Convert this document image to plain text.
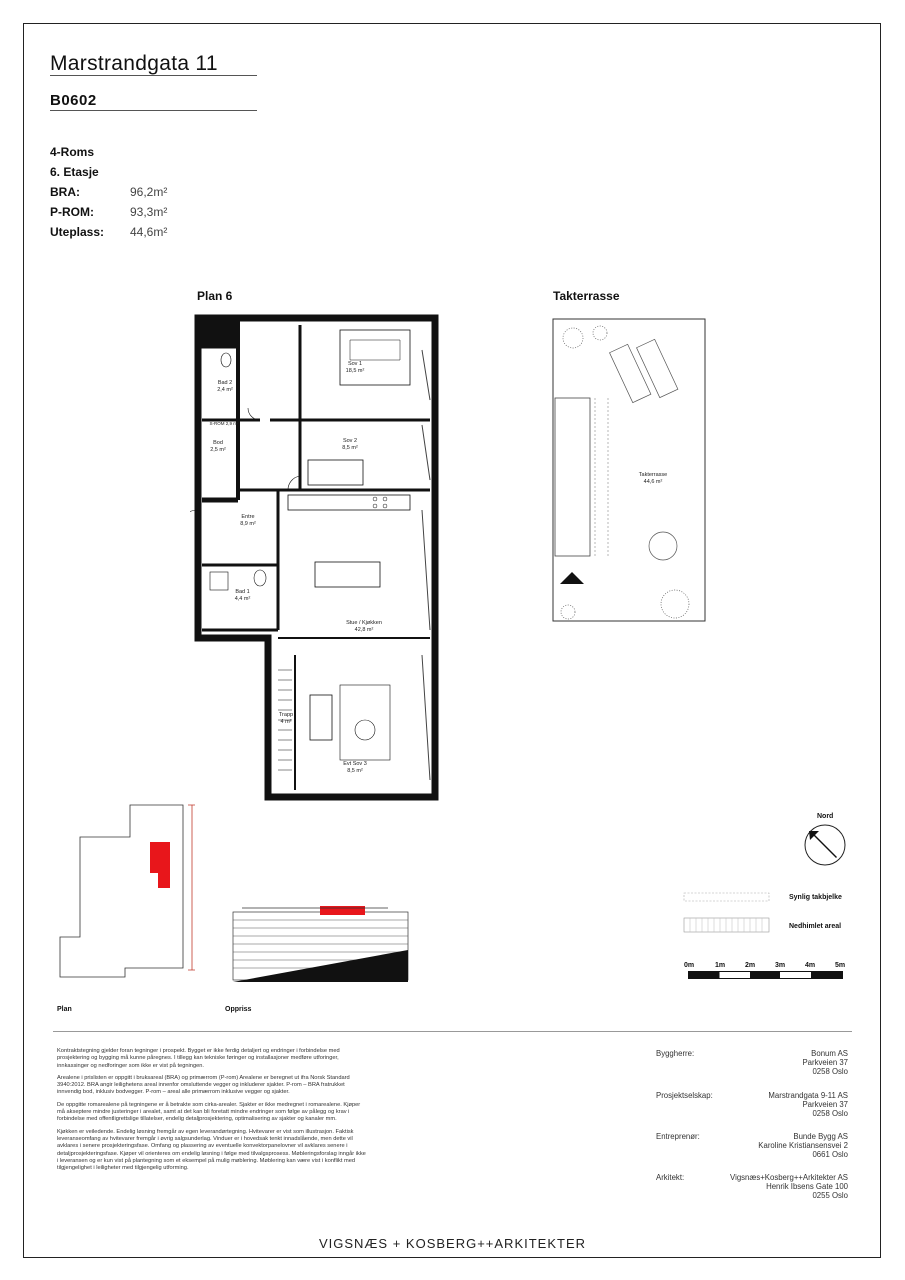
Marstrandgata 11
B0602
4-Roms
6. Etasje
BRA:	96,2m²
P-ROM:	93,3m²
Uteplass:	44,6m²
Plan 6	Takterrasse
Sov 1
18,5 m²
Bad 2
2,4 m²
Sov 2
8,5 m²
S-ROM 2,9 m²
Bod
2,5 m²
Entre
8,9 m²
Bad 1
4,4 m²
Stue / Kjøkken
42,8 m²
Trapp
4 m²
Evt Sov 3
8,5 m²
Takterrasse
44,6 m²
Nord
Synlig takbjelke
Nedhimlet areal
0m	1m	2m	3m	4m	5m
Plan	Oppriss

Kontraktstegning gjelder foran tegninger i prospekt. Bygget er ikke ferdig detaljert og endringer i forbindelse med prosjektering og bygging må kunne påregnes. I tillegg kan tekniske føringer og installasjoner medføre utforinger, innkassinger og nedforinger som ikke er vist på tegningen.

Arealene i prislisten er oppgitt i bruksareal (BRA) og primærrom (P-rom) Arealene er beregnet ut ifra Norsk Standard 3940:2012. BRA angir leilighetens areal innenfor omsluttende vegger og inkluderer sjakter. P-rom – BRA fratrukket innvendig bod, inklusiv bodvegger. P-rom – areal alle primærrom inklusive vegger og sjakter.

De oppgitte romarealene på tegningene er å betrakte som cirka-arealer. Sjakter er ikke medregnet i romarealene. Kjøper må akseptere mindre justeringer i arealet, samt at det kan bli foretatt mindre endringer som følge av pålegg og krav i forbindelse med offentligrettslige tillatelser, endelig detaljprosjektering, optimalisering av sjakter og kanaler mm.

Kjøkken er veiledende. Endelig løsning fremgår av egen leverandørtegning. Hvitevarer er vist som illustrasjon. Faktisk leveranseomfang av hvitevarer fremgår i øvrig salgsunderlag. Vinduer er i hovedsak tenkt innadslående, men dette vil avklares i senere prosjekteringsfase. Omfang og plassering av eventuelle konvektorpanelovner vil avklares senere i detaljprosjekteringsfase. Kjøper vil orienteres om endelig løsning i følge med tilvalgsprosess. Møbleringsforslag inngår ikke i leveransen og er kun vist på plantegning som et eksempel på mulig møblering. Møblering kan være vist i konflikt med tilgjengelighet i leiligheter med tilgjengelig utforming.

Byggherre:	Bonum AS
Parkveien 37
0258 Oslo
Prosjektselskap:	Marstrandgata 9-11 AS
Parkveien 37
0258 Oslo
Entreprenør:	Bunde Bygg AS
Karoline Kristiansensvei 2
0661 Oslo
Arkitekt:	Vigsnæs+Kosberg++Arkitekter AS
Henrik Ibsens Gate 100
0255 Oslo
VIGSNÆS + KOSBERG++ARKITEKTER
